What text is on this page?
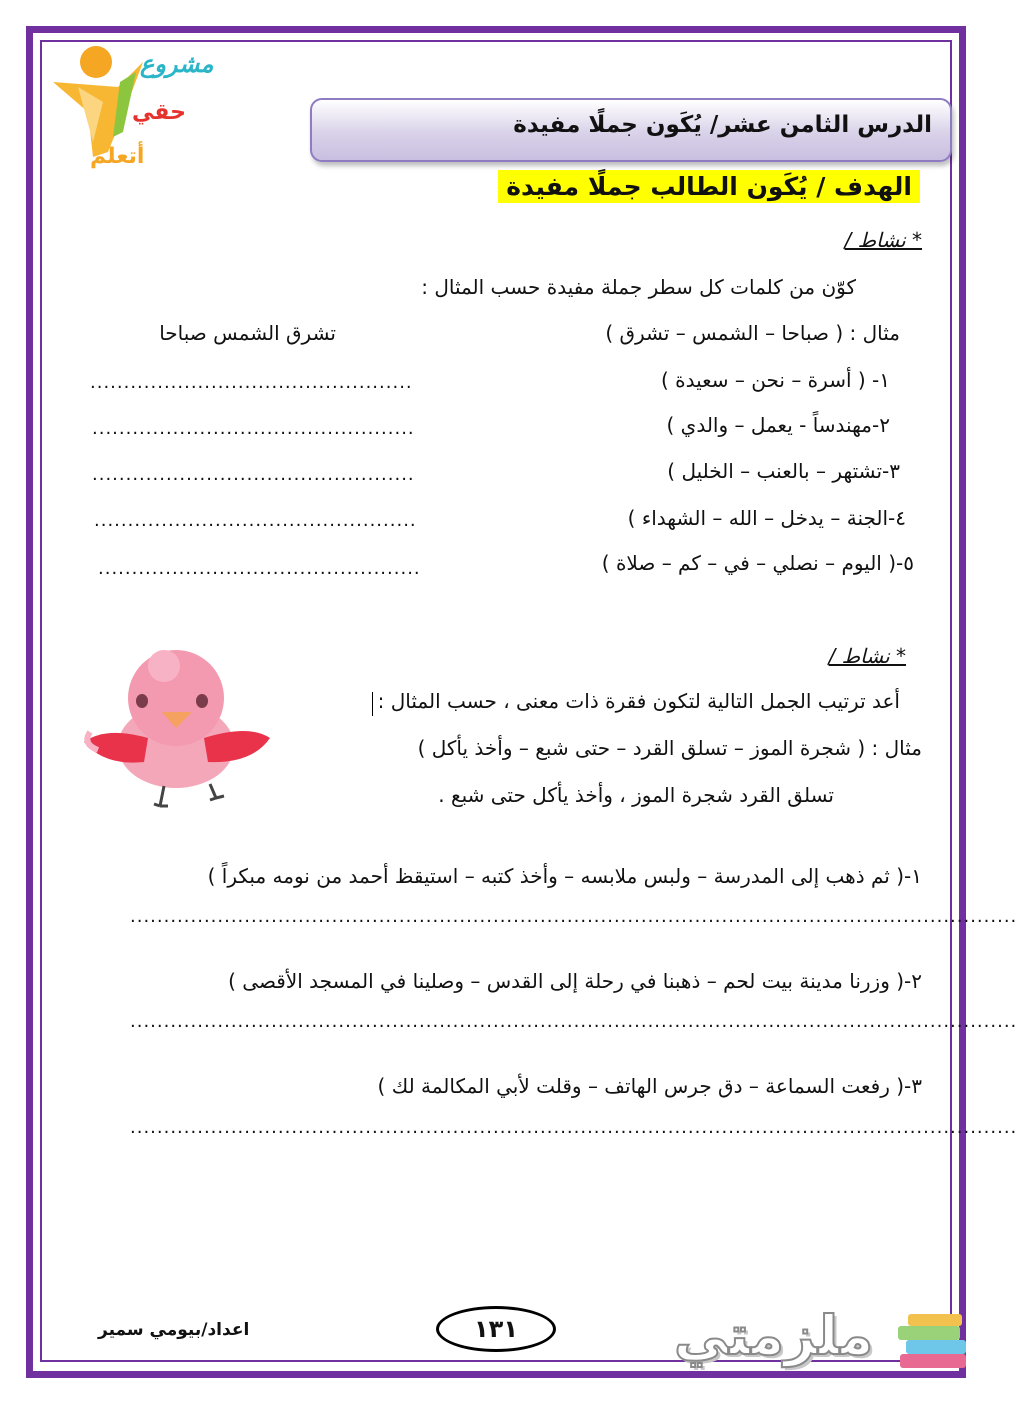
مشروع
حقي
أتعلم
الدرس الثامن عشر/ يُكَون جملًا مفيدة
الهدف / يُكَون الطالب جملًا مفيدة
* نشاط /
كوّن من كلمات كل سطر جملة مفيدة حسب المثال :
مثال : ( صباحا – الشمس – تشرق )
تشرق الشمس صباحا
١- ( أسرة – نحن – سعيدة )
................................................
٢-مهندساً - يعمل – والدي )
................................................
٣-تشتهر – بالعنب – الخليل )
................................................
٤-الجنة – يدخل – الله – الشهداء )
................................................
٥-( اليوم – نصلي – في – كم – صلاة )
................................................
* نشاط /
أعد ترتيب الجمل التالية لتكون فقرة ذات معنى ، حسب المثال :
مثال : ( شجرة الموز – تسلق القرد – حتى شبع – وأخذ يأكل )
تسلق القرد شجرة الموز ، وأخذ يأكل حتى شبع .
١-( ثم ذهب إلى المدرسة – ولبس ملابسه – وأخذ كتبه – استيقظ أحمد من نومه مبكراً )
....................................................................................................................................
٢-( وزرنا مدينة بيت لحم – ذهبنا في رحلة إلى القدس – وصلينا في المسجد الأقصى )
....................................................................................................................................
٣-( رفعت السماعة – دق جرس الهاتف – وقلت لأبي المكالمة لك )
....................................................................................................................................
١٣١
اعداد/بيومي سمير	ملزمتي
